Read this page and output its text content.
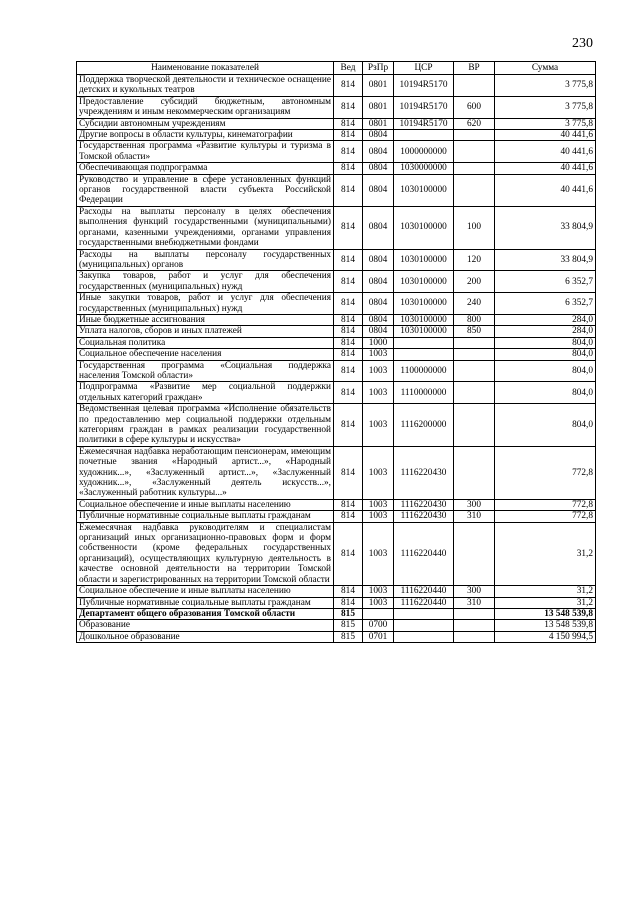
230
Наименование показателей	Вед	РзПр	ЦСР	ВР	Сумма
Поддержка творческой деятельности и техническое оснащение детских и кукольных театров	814	0801	10194R5170		3 775,8
Предоставление субсидий бюджетным, автономным учреждениям и иным некоммерческим организациям	814	0801	10194R5170	600	3 775,8
Субсидии автономным учреждениям	814	0801	10194R5170	620	3 775,8
Другие вопросы в области культуры, кинематографии	814	0804			40 441,6
Государственная программа «Развитие культуры и туризма в Томской области»	814	0804	1000000000		40 441,6
Обеспечивающая подпрограмма	814	0804	1030000000		40 441,6
Руководство и управление в сфере установленных функций органов государственной власти субъекта Российской Федерации	814	0804	1030100000		40 441,6
Расходы на выплаты персоналу в целях обеспечения выполнения функций государственными (муниципальными) органами, казенными учреждениями, органами управления государственными внебюджетными фондами	814	0804	1030100000	100	33 804,9
Расходы на выплаты персоналу государственных (муниципальных) органов	814	0804	1030100000	120	33 804,9
Закупка товаров, работ и услуг для обеспечения государственных (муниципальных) нужд	814	0804	1030100000	200	6 352,7
Иные закупки товаров, работ и услуг для обеспечения государственных (муниципальных) нужд	814	0804	1030100000	240	6 352,7
Иные бюджетные ассигнования	814	0804	1030100000	800	284,0
Уплата налогов, сборов и иных платежей	814	0804	1030100000	850	284,0
Социальная политика	814	1000			804,0
Социальное обеспечение населения	814	1003			804,0
Государственная программа «Социальная поддержка населения Томской области»	814	1003	1100000000		804,0
Подпрограмма «Развитие мер социальной поддержки отдельных категорий граждан»	814	1003	1110000000		804,0
Ведомственная целевая программа «Исполнение обязательств по предоставлению мер социальной поддержки отдельным категориям граждан в рамках реализации государственной политики в сфере культуры и искусства»	814	1003	1116200000		804,0
Ежемесячная надбавка неработающим пенсионерам, имеющим почетные звания «Народный артист...», «Народный художник...», «Заслуженный артист...», «Заслуженный художник...», «Заслуженный деятель искусств...», «Заслуженный работник культуры...»	814	1003	1116220430		772,8
Социальное обеспечение и иные выплаты населению	814	1003	1116220430	300	772,8
Публичные нормативные социальные выплаты гражданам	814	1003	1116220430	310	772,8
Ежемесячная надбавка руководителям и специалистам организаций иных организационно-правовых форм и форм собственности (кроме федеральных государственных организаций), осуществляющих культурную деятельность в качестве основной деятельности на территории Томской области и зарегистрированных на территории Томской области	814	1003	1116220440		31,2
Социальное обеспечение и иные выплаты населению	814	1003	1116220440	300	31,2
Публичные нормативные социальные выплаты гражданам	814	1003	1116220440	310	31,2
Департамент общего образования Томской области	815				13 548 539,8
Образование	815	0700			13 548 539,8
Дошкольное образование	815	0701			4 150 994,5
